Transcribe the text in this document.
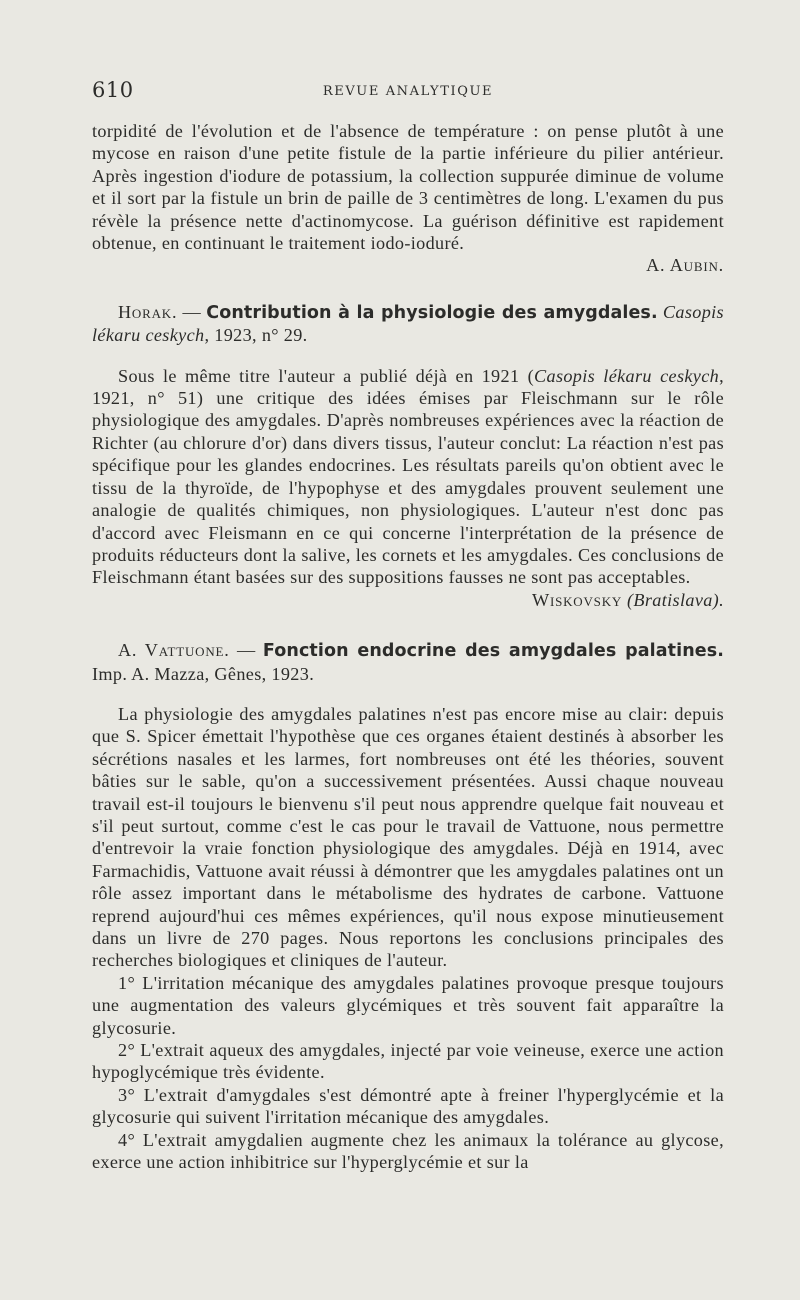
610	REVUE ANALYTIQUE

torpidité de l'évolution et de l'absence de température : on pense plutôt à une mycose en raison d'une petite fistule de la partie inférieure du pilier antérieur. Après ingestion d'iodure de potassium, la collection suppurée diminue de volume et il sort par la fistule un brin de paille de 3 centimètres de long. L'examen du pus révèle la présence nette d'actinomycose. La guérison définitive est rapidement obtenue, en continuant le traitement iodo-ioduré.

A. Aubin.

Horak. — Contribution à la physiologie des amygdales. Casopis lékaru ceskych, 1923, n° 29.

Sous le même titre l'auteur a publié déjà en 1921 (Casopis lékaru ceskych, 1921, n° 51) une critique des idées émises par Fleischmann sur le rôle physiologique des amygdales. D'après nombreuses expériences avec la réaction de Richter (au chlorure d'or) dans divers tissus, l'auteur conclut: La réaction n'est pas spécifique pour les glandes endocrines. Les résultats pareils qu'on obtient avec le tissu de la thyroïde, de l'hypophyse et des amygdales prouvent seulement une analogie de qualités chimiques, non physiologiques. L'auteur n'est donc pas d'accord avec Fleismann en ce qui concerne l'interprétation de la présence de produits réducteurs dont la salive, les cornets et les amygdales. Ces conclusions de Fleischmann étant basées sur des suppositions fausses ne sont pas acceptables.

Wiskovsky (Bratislava).

A. Vattuone. — Fonction endocrine des amygdales palatines. Imp. A. Mazza, Gênes, 1923.

La physiologie des amygdales palatines n'est pas encore mise au clair: depuis que S. Spicer émettait l'hypothèse que ces organes étaient destinés à absorber les sécrétions nasales et les larmes, fort nombreuses ont été les théories, souvent bâties sur le sable, qu'on a successivement présentées. Aussi chaque nouveau travail est-il toujours le bienvenu s'il peut nous apprendre quelque fait nouveau et s'il peut surtout, comme c'est le cas pour le travail de Vattuone, nous permettre d'entrevoir la vraie fonction physiologique des amygdales. Déjà en 1914, avec Farmachidis, Vattuone avait réussi à démontrer que les amygdales palatines ont un rôle assez important dans le métabolisme des hydrates de carbone. Vattuone reprend aujourd'hui ces mêmes expériences, qu'il nous expose minutieusement dans un livre de 270 pages. Nous reportons les conclusions principales des recherches biologiques et cliniques de l'auteur.

1° L'irritation mécanique des amygdales palatines provoque presque toujours une augmentation des valeurs glycémiques et très souvent fait apparaître la glycosurie.

2° L'extrait aqueux des amygdales, injecté par voie veineuse, exerce une action hypoglycémique très évidente.

3° L'extrait d'amygdales s'est démontré apte à freiner l'hyperglycémie et la glycosurie qui suivent l'irritation mécanique des amygdales.

4° L'extrait amygdalien augmente chez les animaux la tolérance au glycose, exerce une action inhibitrice sur l'hyperglycémie et sur la
